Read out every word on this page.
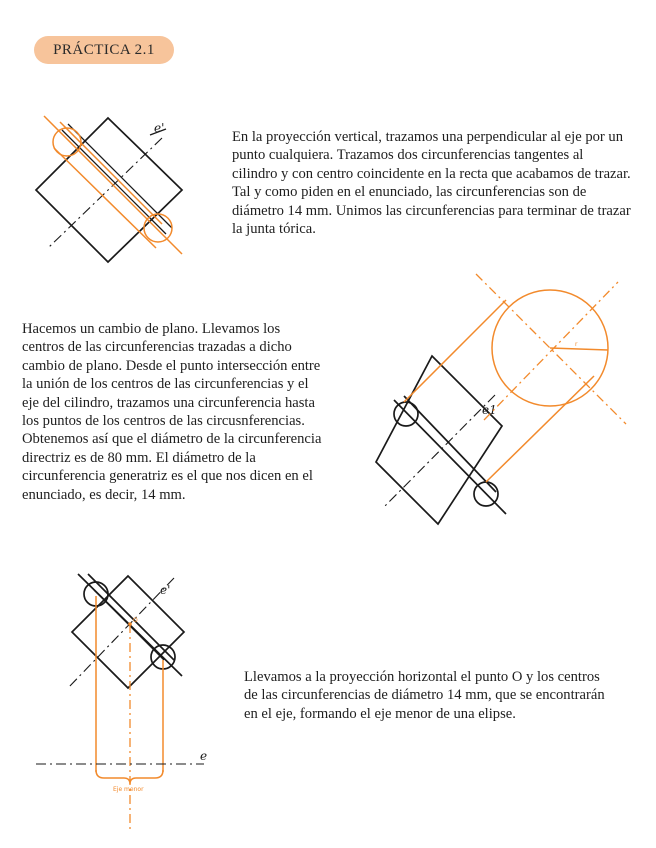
PRÁCTICA 2.1
e'

En la proyección vertical, trazamos una perpendicular al eje por un punto cualquiera. Trazamos dos circunferencias tangentes al cilindro y con centro coincidente en la recta que acabamos de trazar. Tal y como piden en el enunciado, las circunferencias son de diámetro 14 mm. Unimos las circunferencias para terminar de trazar la junta tórica.

Hacemos un cambio de plano. Llevamos los centros de las circunferencias trazadas a dicho cambio de plano. Desde el punto intersección entre la unión de los centros de las circunferencias y el eje del cilindro, trazamos una circunferencia hasta los puntos de los centros de las circusnferencias. Obtenemos así que el diámetro de la circunferencia directriz es de 80 mm. El diámetro de la circunferencia generatriz es el que nos dicen en el enunciado, es decir, 14 mm.

e1
r
e'
O
e
Eje menor

Llevamos a la proyección horizontal el punto O y los centros de las circunferencias de diámetro 14 mm, que se encontrarán en el eje, formando el eje menor de una elipse.
